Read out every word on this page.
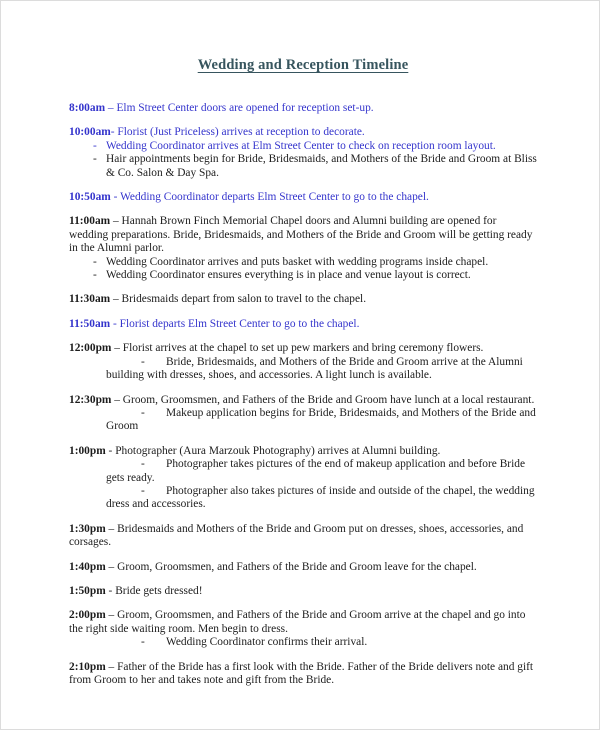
Wedding and Reception Timeline

8:00am – Elm Street Center doors are opened for reception set-up.

10:00am- Florist (Just Priceless) arrives at reception to decorate.

- Wedding Coordinator arrives at Elm Street Center to check on reception room layout.
- Hair appointments begin for Bride, Bridesmaids, and Mothers of the Bride and Groom at Bliss & Co. Salon & Day Spa.

10:50am - Wedding Coordinator departs Elm Street Center to go to the chapel.

11:00am – Hannah Brown Finch Memorial Chapel doors and Alumni building are opened for wedding preparations. Bride, Bridesmaids, and Mothers of the Bride and Groom will be getting ready in the Alumni parlor.

- Wedding Coordinator arrives and puts basket with wedding programs inside chapel.
- Wedding Coordinator ensures everything is in place and venue layout is correct.

11:30am – Bridesmaids depart from salon to travel to the chapel.

11:50am - Florist departs Elm Street Center to go to the chapel.

12:00pm – Florist arrives at the chapel to set up pew markers and bring ceremony flowers.

- Bride, Bridesmaids, and Mothers of the Bride and Groom arrive at the Alumni building with dresses, shoes, and accessories. A light lunch is available.

12:30pm – Groom, Groomsmen, and Fathers of the Bride and Groom have lunch at a local restaurant.

- Makeup application begins for Bride, Bridesmaids, and Mothers of the Bride and Groom

1:00pm - Photographer (Aura Marzouk Photography) arrives at Alumni building.

- Photographer takes pictures of the end of makeup application and before Bride gets ready.
- Photographer also takes pictures of inside and outside of the chapel, the wedding dress and accessories.

1:30pm – Bridesmaids and Mothers of the Bride and Groom put on dresses, shoes, accessories, and corsages.

1:40pm – Groom, Groomsmen, and Fathers of the Bride and Groom leave for the chapel.

1:50pm - Bride gets dressed!

2:00pm – Groom, Groomsmen, and Fathers of the Bride and Groom arrive at the chapel and go into the right side waiting room. Men begin to dress.

- Wedding Coordinator confirms their arrival.

2:10pm – Father of the Bride has a first look with the Bride. Father of the Bride delivers note and gift from Groom to her and takes note and gift from the Bride.
